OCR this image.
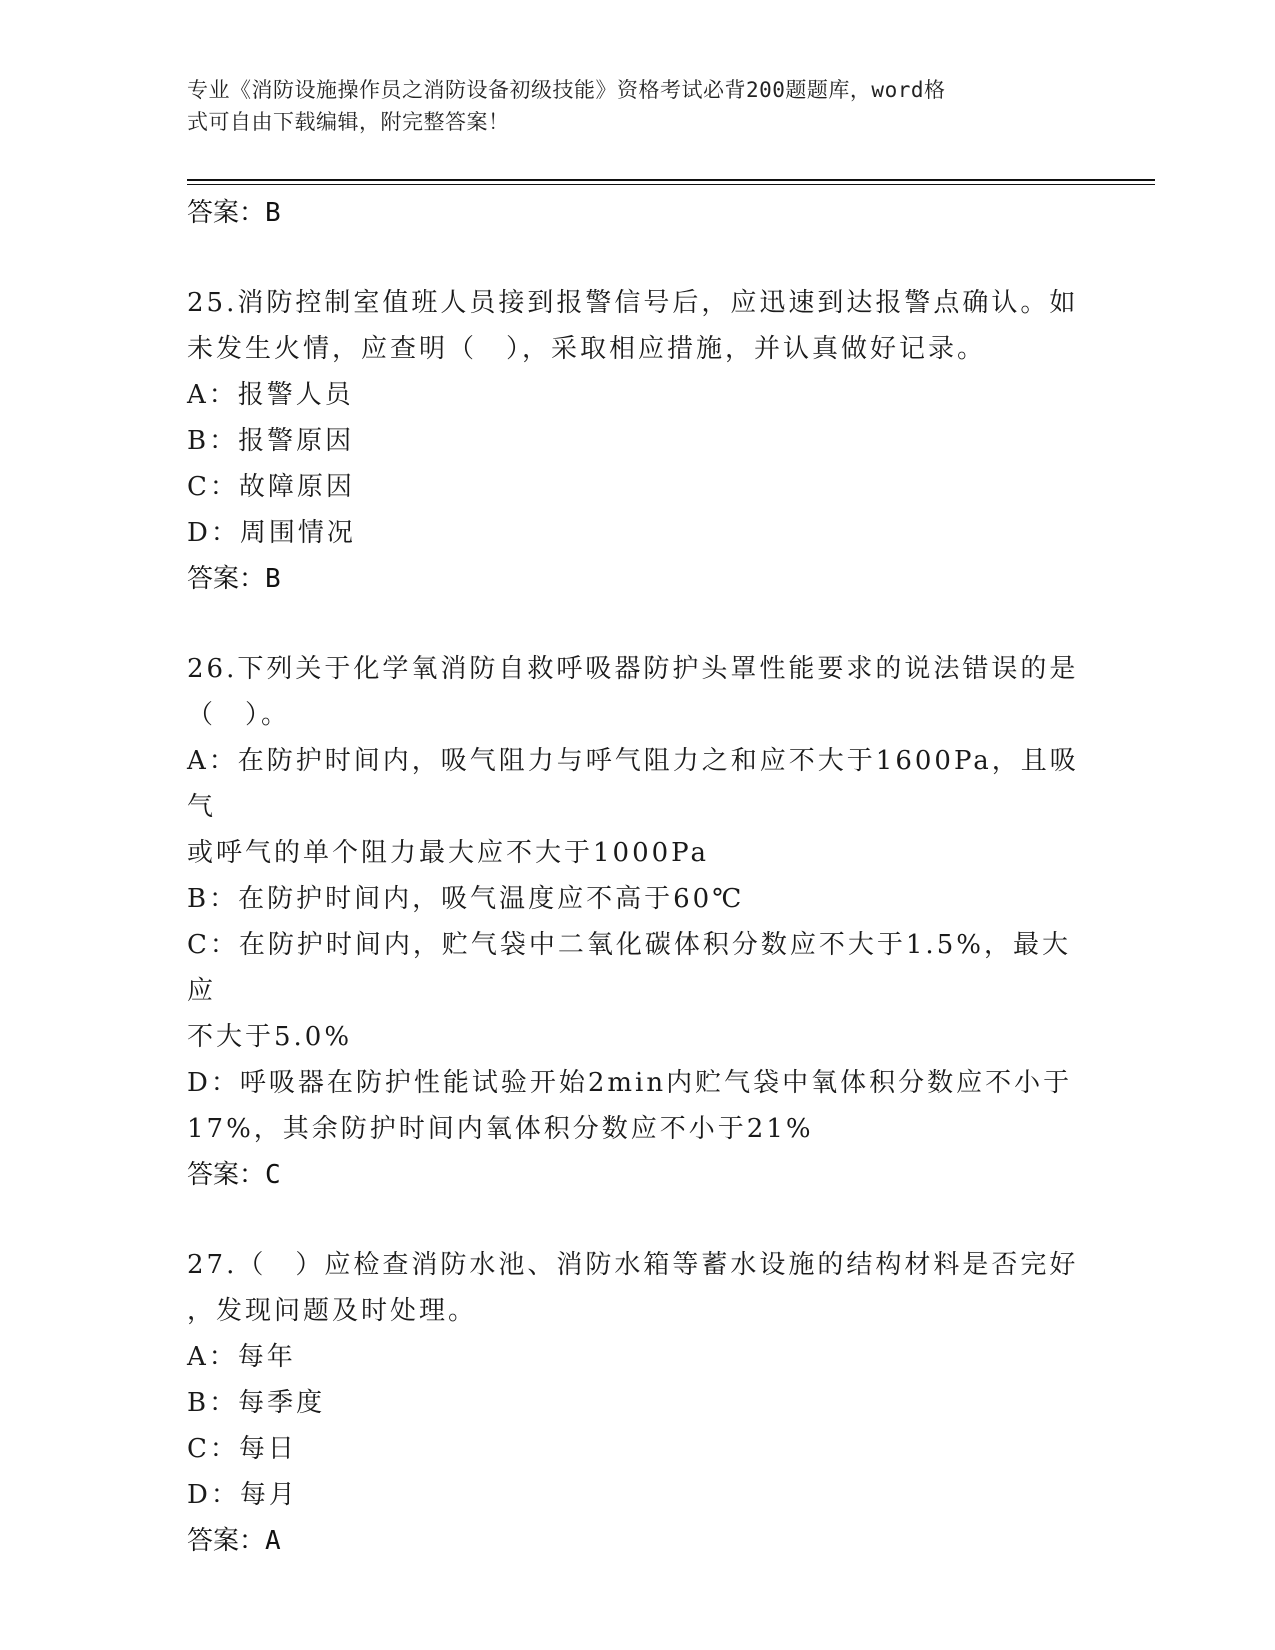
专业《消防设施操作员之消防设备初级技能》资格考试必背200题题库，word格
式可自由下载编辑，附完整答案！
答案：B
25.消防控制室值班人员接到报警信号后，应迅速到达报警点确认。如
未发生火情，应查明（　），采取相应措施，并认真做好记录。
A：报警人员
B：报警原因
C：故障原因
D：周围情况
答案：B
26.下列关于化学氧消防自救呼吸器防护头罩性能要求的说法错误的是
（　）。
A：在防护时间内，吸气阻力与呼气阻力之和应不大于1600Pa，且吸气
或呼气的单个阻力最大应不大于1000Pa
B：在防护时间内，吸气温度应不高于60℃
C：在防护时间内，贮气袋中二氧化碳体积分数应不大于1.5%，最大应
不大于5.0%
D：呼吸器在防护性能试验开始2min内贮气袋中氧体积分数应不小于
17%，其余防护时间内氧体积分数应不小于21%
答案：C
27.（　）应检查消防水池、消防水箱等蓄水设施的结构材料是否完好
，发现问题及时处理。
A：每年
B：每季度
C：每日
D：每月
答案：A
